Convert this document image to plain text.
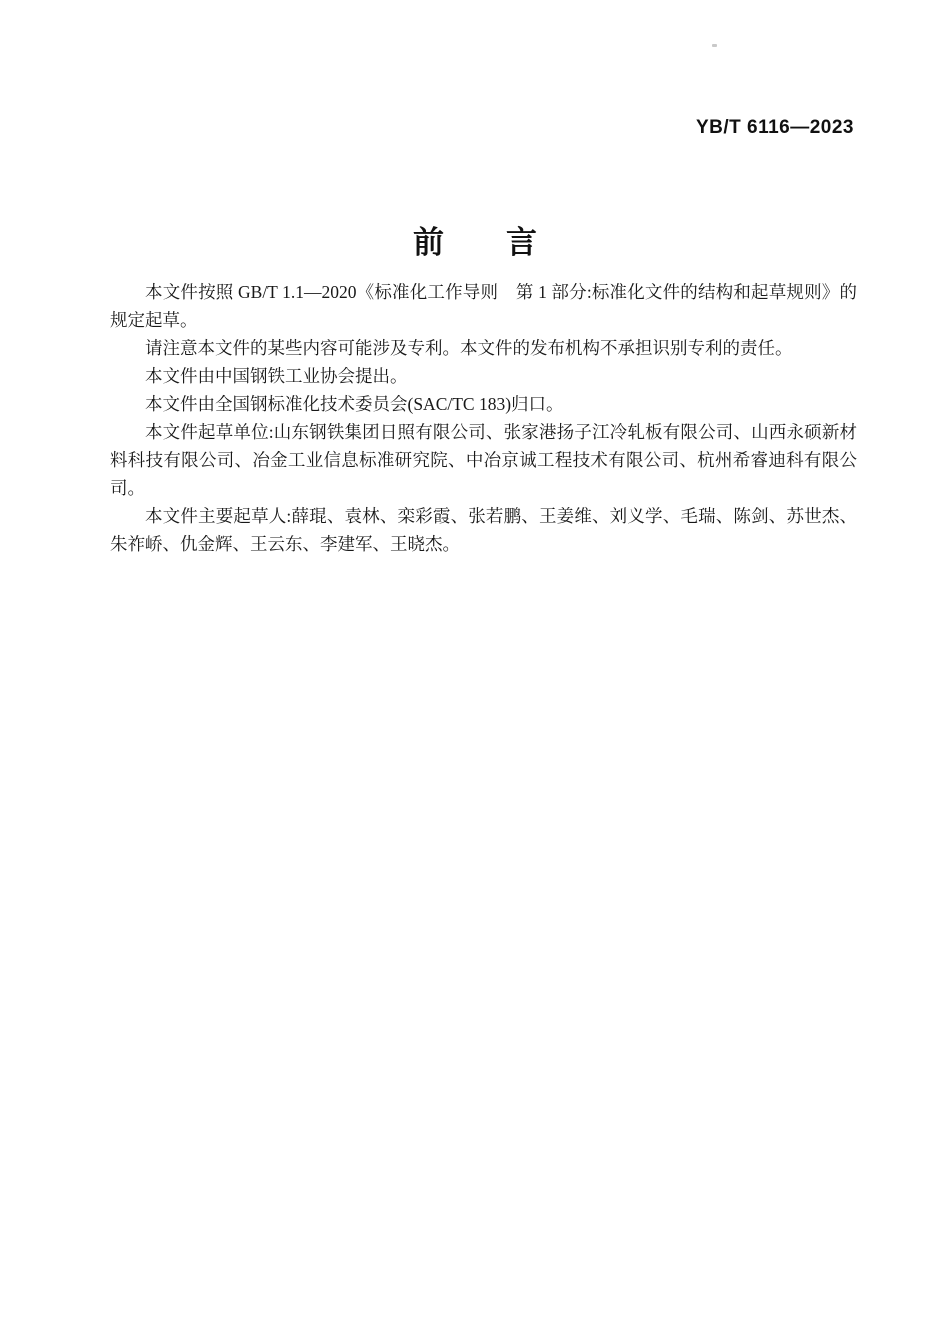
YB/T 6116—2023
前　　言

本文件按照 GB/T 1.1—2020《标准化工作导则　第 1 部分:标准化文件的结构和起草规则》的规定起草。

请注意本文件的某些内容可能涉及专利。本文件的发布机构不承担识别专利的责任。

本文件由中国钢铁工业协会提出。

本文件由全国钢标准化技术委员会(SAC/TC 183)归口。

本文件起草单位:山东钢铁集团日照有限公司、张家港扬子江冷轧板有限公司、山西永硕新材料科技有限公司、冶金工业信息标准研究院、中冶京诚工程技术有限公司、杭州希睿迪科有限公司。

本文件主要起草人:薛琨、袁林、栾彩霞、张若鹏、王姜维、刘义学、毛瑞、陈剑、苏世杰、朱祚峤、仇金辉、王云东、李建军、王晓杰。
